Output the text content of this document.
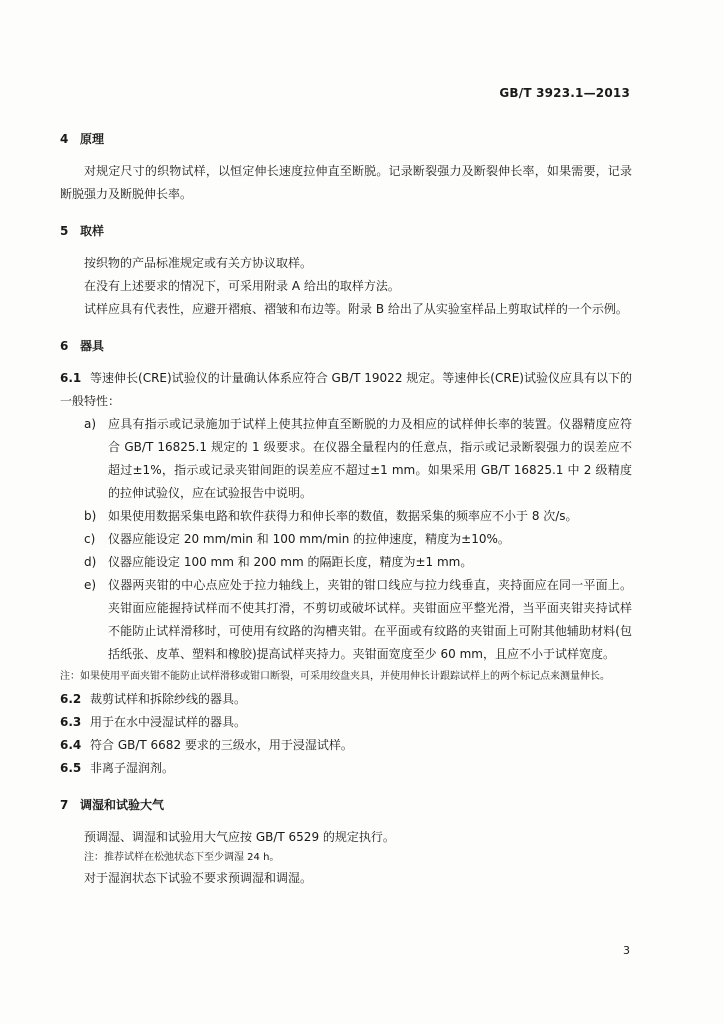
GB/T 3923.1—2013

4 原理

对规定尺寸的织物试样，以恒定伸长速度拉伸直至断脱。记录断裂强力及断裂伸长率，如果需要，记录断脱强力及断脱伸长率。

5 取样

按织物的产品标准规定或有关方协议取样。

在没有上述要求的情况下，可采用附录 A 给出的取样方法。

试样应具有代表性，应避开褶痕、褶皱和布边等。附录 B 给出了从实验室样品上剪取试样的一个示例。

6 器具

6.1 等速伸长(CRE)试验仪的计量确认体系应符合 GB/T 19022 规定。等速伸长(CRE)试验仪应具有以下的一般特性：

a) 应具有指示或记录施加于试样上使其拉伸直至断脱的力及相应的试样伸长率的装置。仪器精度应符合 GB/T 16825.1 规定的 1 级要求。在仪器全量程内的任意点，指示或记录断裂强力的误差应不超过±1%，指示或记录夹钳间距的误差应不超过±1 mm。如果采用 GB/T 16825.1 中 2 级精度的拉伸试验仪，应在试验报告中说明。
b) 如果使用数据采集电路和软件获得力和伸长率的数值，数据采集的频率应不小于 8 次/s。
c) 仪器应能设定 20 mm/min 和 100 mm/min 的拉伸速度，精度为±10%。
d) 仪器应能设定 100 mm 和 200 mm 的隔距长度，精度为±1 mm。
e) 仪器两夹钳的中心点应处于拉力轴线上，夹钳的钳口线应与拉力线垂直，夹持面应在同一平面上。夹钳面应能握持试样而不使其打滑，不剪切或破坏试样。夹钳面应平整光滑，当平面夹钳夹持试样不能防止试样滑移时，可使用有纹路的沟槽夹钳。在平面或有纹路的夹钳面上可附其他辅助材料(包括纸张、皮革、塑料和橡胶)提高试样夹持力。夹钳面宽度至少 60 mm，且应不小于试样宽度。

注：如果使用平面夹钳不能防止试样滑移或钳口断裂，可采用绞盘夹具，并使用伸长计跟踪试样上的两个标记点来测量伸长。

6.2 裁剪试样和拆除纱线的器具。

6.3 用于在水中浸湿试样的器具。

6.4 符合 GB/T 6682 要求的三级水，用于浸湿试样。

6.5 非离子湿润剂。

7 调湿和试验大气

预调湿、调湿和试验用大气应按 GB/T 6529 的规定执行。

注：推荐试样在松弛状态下至少调湿 24 h。

对于湿润状态下试验不要求预调湿和调湿。

3
